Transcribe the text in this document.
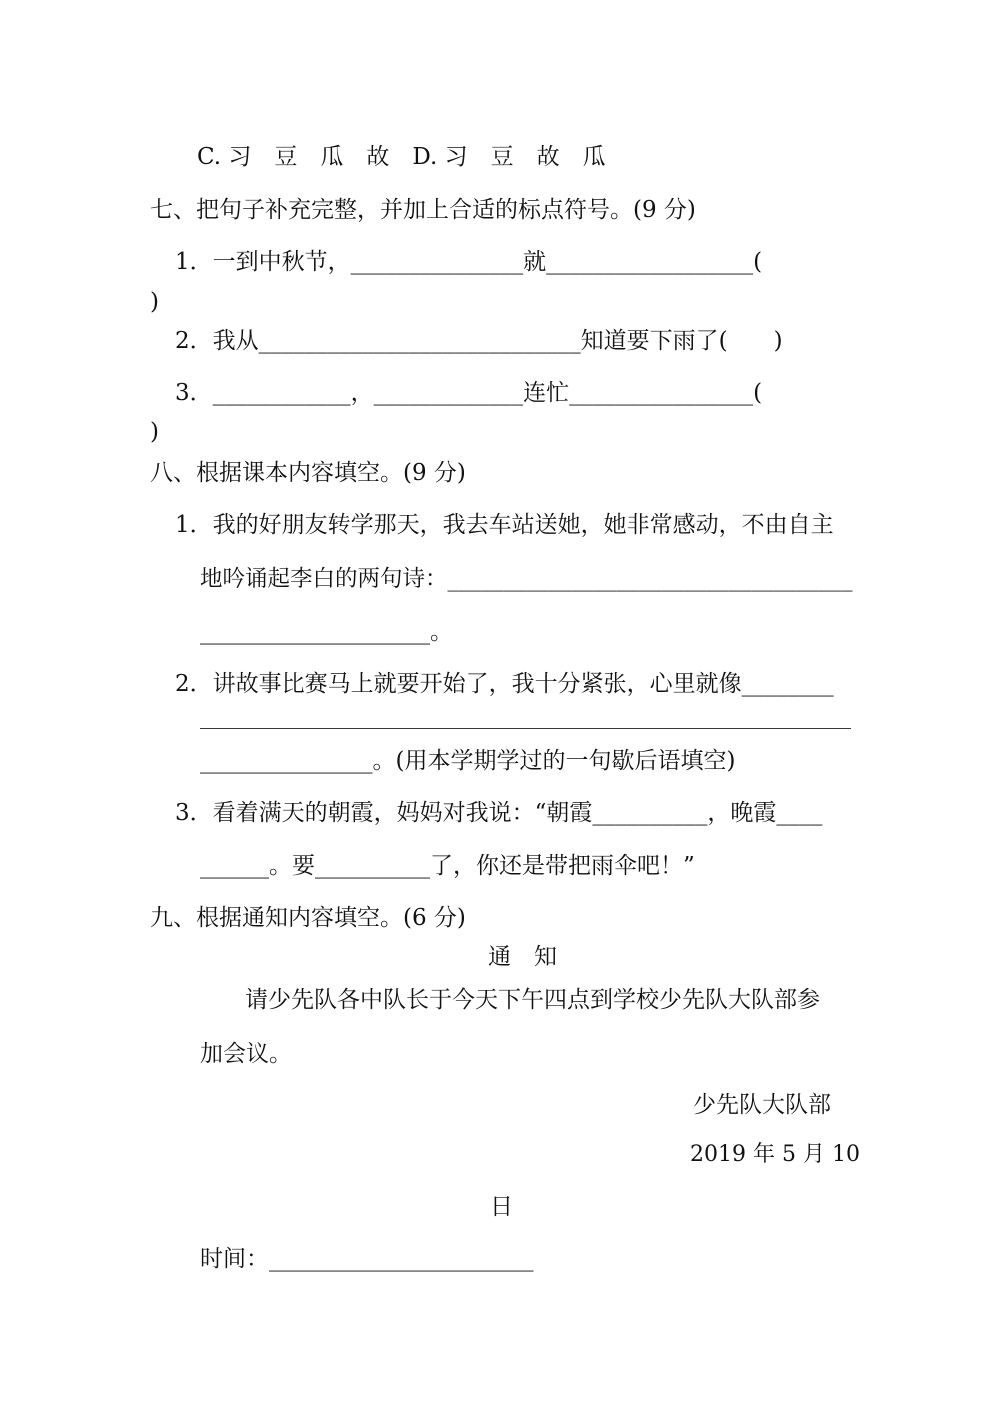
C. 习　豆　瓜　故　D. 习　豆　故　瓜
七、把句子补充完整，并加上合适的标点符号。(9 分)
1．一到中秋节，_______________就__________________(
)
2．我从____________________________知道要下雨了(　　)
3．____________，_____________连忙________________(
)
八、根据课本内容填空。(9 分)
1．我的好朋友转学那天，我去车站送她，她非常感动，不由自主
地吟诵起李白的两句诗：____________________________________
____________________。
2．讲故事比赛马上就要开始了，我十分紧张，心里就像________
______________________________________________________________
_______________。(用本学期学过的一句歇后语填空)
3．看着满天的朝霞，妈妈对我说：“朝霞__________，晚霞____
______。要__________了，你还是带把雨伞吧！”
九、根据通知内容填空。(6 分)
通　知
请少先队各中队长于今天下午四点到学校少先队大队部参
加会议。
少先队大队部
2019 年 5 月 10
日
时间：_______________________
